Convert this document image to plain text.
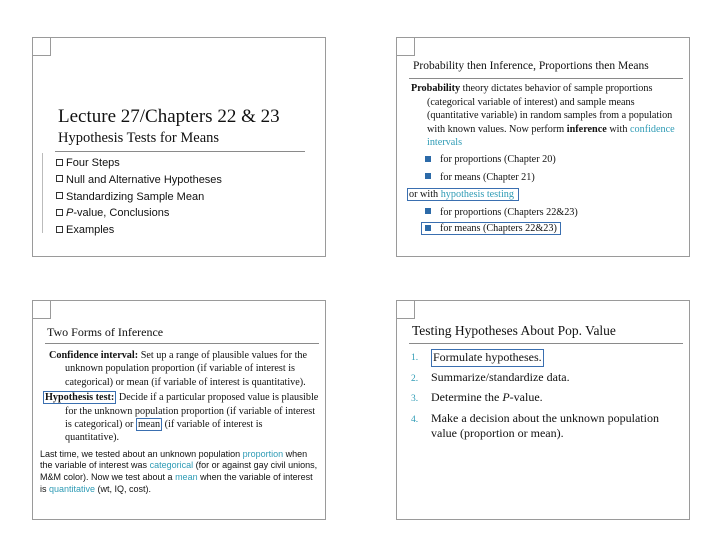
Lecture 27/Chapters 22 & 23
Hypothesis Tests for Means
Four Steps
Null and Alternative Hypotheses
Standardizing Sample Mean
P-value, Conclusions
Examples
Probability then Inference, Proportions then Means
Probability theory dictates behavior of sample proportions (categorical variable of interest) and sample means (quantitative variable) in random samples from a population with known values. Now perform inference with confidence intervals
for proportions (Chapter 20)
for means (Chapter 21)
or with hypothesis testing
for proportions (Chapters 22&23)
for means (Chapters 22&23)
Two Forms of Inference
Confidence interval: Set up a range of plausible values for the unknown population proportion (if variable of interest is categorical) or mean (if variable of interest is quantitative).
Hypothesis test: Decide if a particular proposed value is plausible for the unknown population proportion (if variable of interest is categorical) or mean (if variable of interest is quantitative).
Last time, we tested about an unknown population proportion when the variable of interest was categorical (for or against gay civil unions, M&M color). Now we test about a mean when the variable of interest is quantitative (wt, IQ, cost).
Testing Hypotheses About Pop. Value
1.	Formulate hypotheses.
2.	Summarize/standardize data.
3.	Determine the P-value.
4.	Make a decision about the unknown population value (proportion or mean).
